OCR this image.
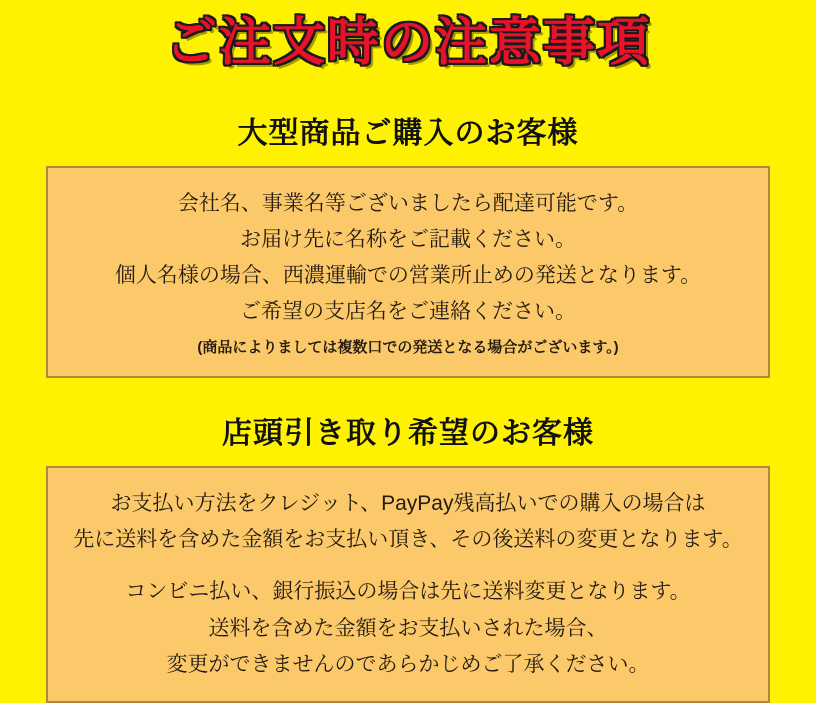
ご注文時の注意事項
大型商品ご購入のお客様
会社名、事業名等ございましたら配達可能です。
お届け先に名称をご記載ください。
個人名様の場合、西濃運輸での営業所止めの発送となります。
ご希望の支店名をご連絡ください。
(商品によりましては複数口での発送となる場合がございます。)
店頭引き取り希望のお客様
お支払い方法をクレジット、PayPay残高払いでの購入の場合は
先に送料を含めた金額をお支払い頂き、その後送料の変更となります。
コンビニ払い、銀行振込の場合は先に送料変更となります。
送料を含めた金額をお支払いされた場合、
変更ができませんのであらかじめご了承ください。
